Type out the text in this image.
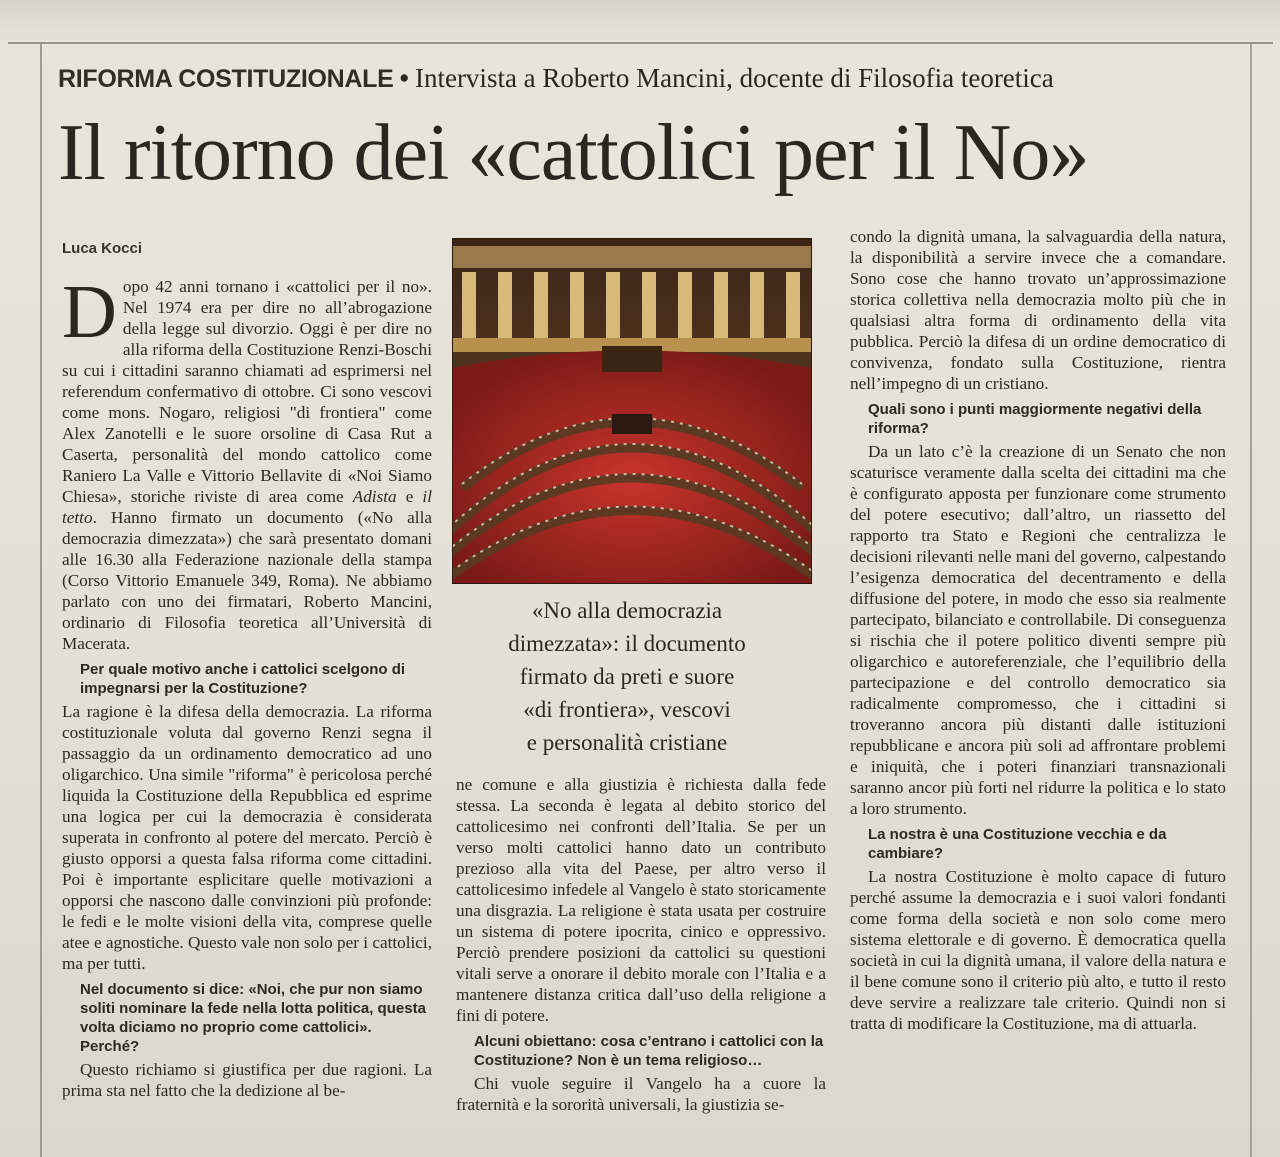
RIFORMA COSTITUZIONALE • Intervista a Roberto Mancini, docente di Filosofia teoretica
Il ritorno dei «cattolici per il No»
Luca Kocci

Dopo 42 anni tornano i «cattolici per il no». Nel 1974 era per dire no all’abrogazione della legge sul divorzio. Oggi è per dire no alla riforma della Costituzione Renzi-Boschi su cui i cittadini saranno chiamati ad esprimersi nel referendum confermativo di ottobre. Ci sono vescovi come mons. Nogaro, religiosi "di frontiera" come Alex Zanotelli e le suore orsoline di Casa Rut a Caserta, personalità del mondo cattolico come Raniero La Valle e Vittorio Bellavite di «Noi Siamo Chiesa», storiche riviste di area come Adista e il tetto. Hanno firmato un documento («No alla democrazia dimezzata») che sarà presentato domani alle 16.30 alla Federazione nazionale della stampa (Corso Vittorio Emanuele 349, Roma). Ne abbiamo parlato con uno dei firmatari, Roberto Mancini, ordinario di Filosofia teoretica all’Università di Macerata.

Per quale motivo anche i cattolici scelgono di impegnarsi per la Costituzione?

La ragione è la difesa della democrazia. La riforma costituzionale voluta dal governo Renzi segna il passaggio da un ordinamento democratico ad uno oligarchico. Una simile "riforma" è pericolosa perché liquida la Costituzione della Repubblica ed esprime una logica per cui la democrazia è considerata superata in confronto al potere del mercato. Perciò è giusto opporsi a questa falsa riforma come cittadini. Poi è importante esplicitare quelle motivazioni a opporsi che nascono dalle convinzioni più profonde: le fedi e le molte visioni della vita, comprese quelle atee e agnostiche. Questo vale non solo per i cattolici, ma per tutti.

Nel documento si dice: «Noi, che pur non siamo soliti nominare la fede nella lotta politica, questa volta diciamo no proprio come cattolici». Perché?

Questo richiamo si giustifica per due ragioni. La prima sta nel fatto che la dedizione al be-

«No alla democrazia
dimezzata»: il documento
firmato da preti e suore
«di frontiera», vescovi
e personalità cristiane

ne comune e alla giustizia è richiesta dalla fede stessa. La seconda è legata al debito storico del cattolicesimo nei confronti dell’Italia. Se per un verso molti cattolici hanno dato un contributo prezioso alla vita del Paese, per altro verso il cattolicesimo infedele al Vangelo è stato storicamente una disgrazia. La religione è stata usata per costruire un sistema di potere ipocrita, cinico e oppressivo. Perciò prendere posizioni da cattolici su questioni vitali serve a onorare il debito morale con l’Italia e a mantenere distanza critica dall’uso della religione a fini di potere.

Alcuni obiettano: cosa c’entrano i cattolici con la Costituzione? Non è un tema religioso…

Chi vuole seguire il Vangelo ha a cuore la fraternità e la sororità universali, la giustizia se-

condo la dignità umana, la salvaguardia della natura, la disponibilità a servire invece che a comandare. Sono cose che hanno trovato un’approssimazione storica collettiva nella democrazia molto più che in qualsiasi altra forma di ordinamento della vita pubblica. Perciò la difesa di un ordine democratico di convivenza, fondato sulla Costituzione, rientra nell’impegno di un cristiano.

Quali sono i punti maggiormente negativi della riforma?

Da un lato c’è la creazione di un Senato che non scaturisce veramente dalla scelta dei cittadini ma che è configurato apposta per funzionare come strumento del potere esecutivo; dall’altro, un riassetto del rapporto tra Stato e Regioni che centralizza le decisioni rilevanti nelle mani del governo, calpestando l’esigenza democratica del decentramento e della diffusione del potere, in modo che esso sia realmente partecipato, bilanciato e controllabile. Di conseguenza si rischia che il potere politico diventi sempre più oligarchico e autoreferenziale, che l’equilibrio della partecipazione e del controllo democratico sia radicalmente compromesso, che i cittadini si troveranno ancora più distanti dalle istituzioni repubblicane e ancora più soli ad affrontare problemi e iniquità, che i poteri finanziari transnazionali saranno ancor più forti nel ridurre la politica e lo stato a loro strumento.

La nostra è una Costituzione vecchia e da cambiare?

La nostra Costituzione è molto capace di futuro perché assume la democrazia e i suoi valori fondanti come forma della società e non solo come mero sistema elettorale e di governo. È democratica quella società in cui la dignità umana, il valore della natura e il bene comune sono il criterio più alto, e tutto il resto deve servire a realizzare tale criterio. Quindi non si tratta di modificare la Costituzione, ma di attuarla.
